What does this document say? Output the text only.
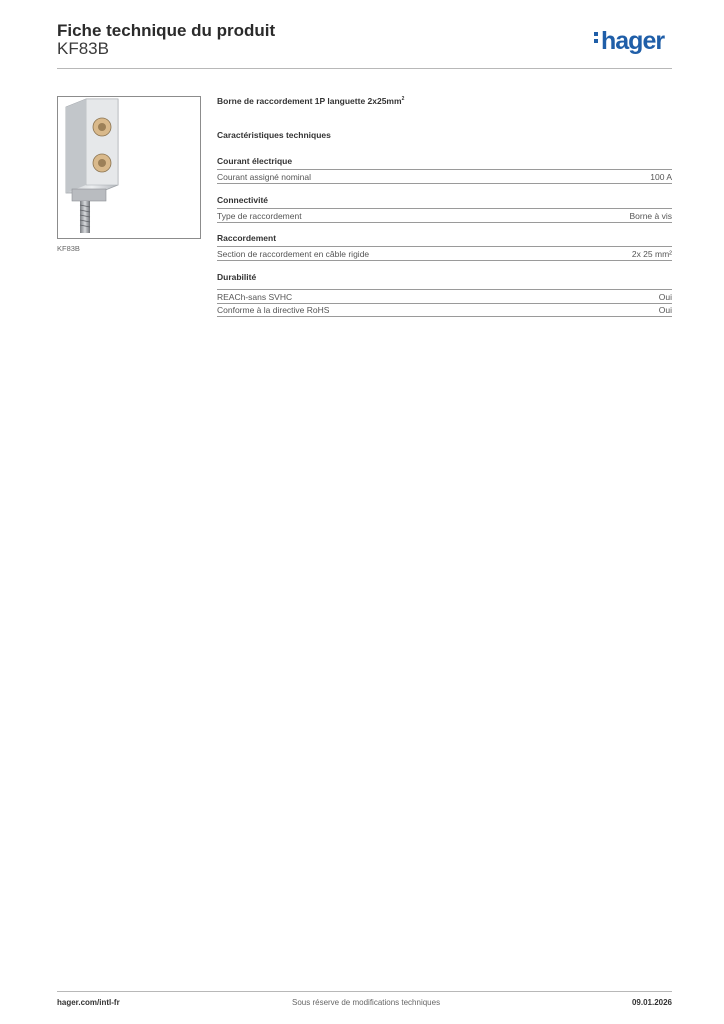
Fiche technique du produit
KF83B	hager
KF83B
Borne de raccordement 1P languette $2x25mm^2$
Caractéristiques techniques
Courant électrique
Courant assigné nominal	100 A
Connectivité
Type de raccordement	Borne à vis
Raccordement
Section de raccordement en câble rigide	2x 25 mm²
Durabilité
REACh-sans SVHC	Oui
Conforme à la directive RoHS	Oui
hager.com/intl-fr	Sous réserve de modifications techniques	09.01.2026
